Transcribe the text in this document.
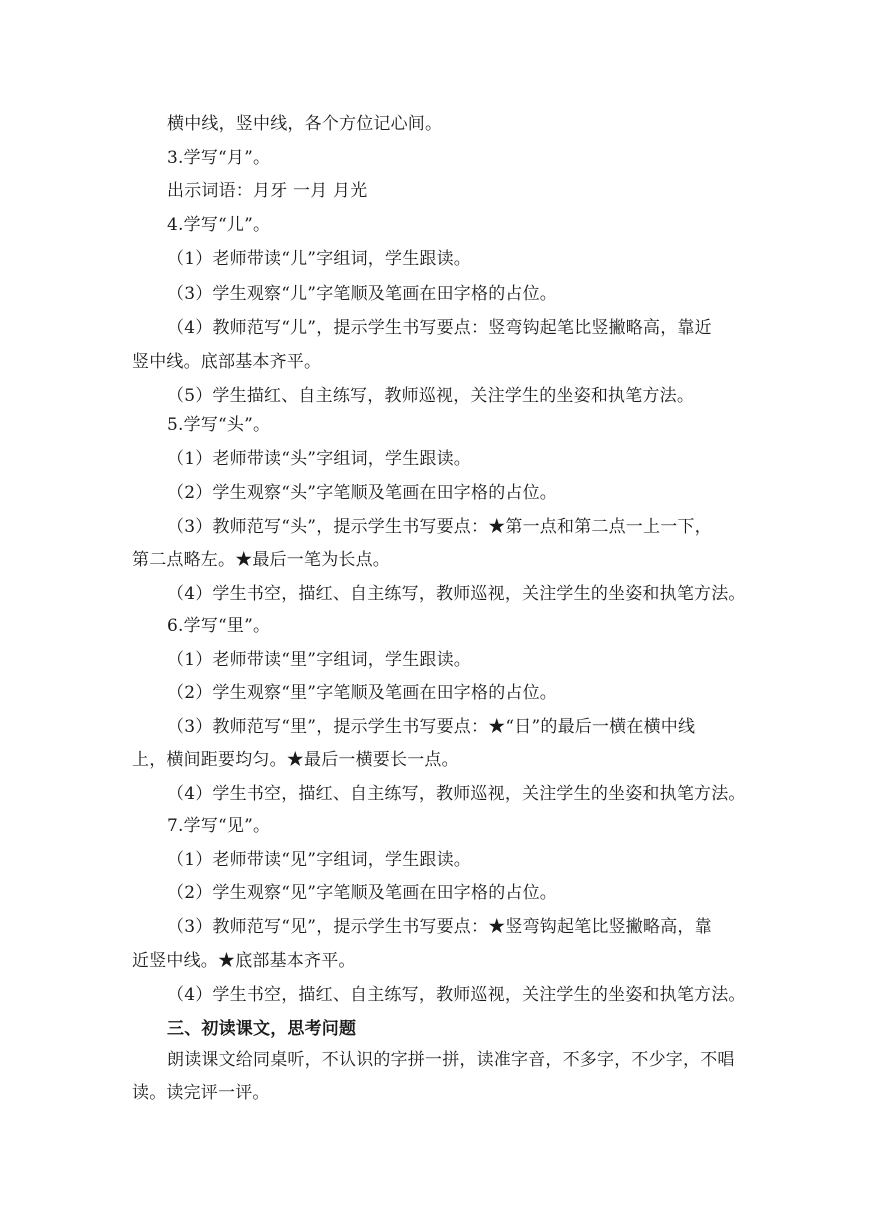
横中线，竖中线，各个方位记心间。
3.学写“月”。
出示词语：月牙 一月 月光
4.学写“儿”。
（1）老师带读“儿”字组词，学生跟读。
（3）学生观察“儿”字笔顺及笔画在田字格的占位。
（4）教师范写“儿”，提示学生书写要点：竖弯钩起笔比竖撇略高，靠近
竖中线。底部基本齐平。
（5）学生描红、自主练写，教师巡视，关注学生的坐姿和执笔方法。
5.学写“头”。
（1）老师带读“头”字组词，学生跟读。
（2）学生观察“头”字笔顺及笔画在田字格的占位。
（3）教师范写“头”，提示学生书写要点：★第一点和第二点一上一下，
第二点略左。★最后一笔为长点。
（4）学生书空，描红、自主练写，教师巡视，关注学生的坐姿和执笔方法。
6.学写“里”。
（1）老师带读“里”字组词，学生跟读。
（2）学生观察“里”字笔顺及笔画在田字格的占位。
（3）教师范写“里”，提示学生书写要点：★“日”的最后一横在横中线
上，横间距要均匀。★最后一横要长一点。
（4）学生书空，描红、自主练写，教师巡视，关注学生的坐姿和执笔方法。
7.学写“见”。
（1）老师带读“见”字组词，学生跟读。
（2）学生观察“见”字笔顺及笔画在田字格的占位。
（3）教师范写“见”，提示学生书写要点：★竖弯钩起笔比竖撇略高，靠
近竖中线。★底部基本齐平。
（4）学生书空，描红、自主练写，教师巡视，关注学生的坐姿和执笔方法。
三、初读课文，思考问题
朗读课文给同桌听，不认识的字拼一拼，读准字音，不多字，不少字，不唱
读。读完评一评。
